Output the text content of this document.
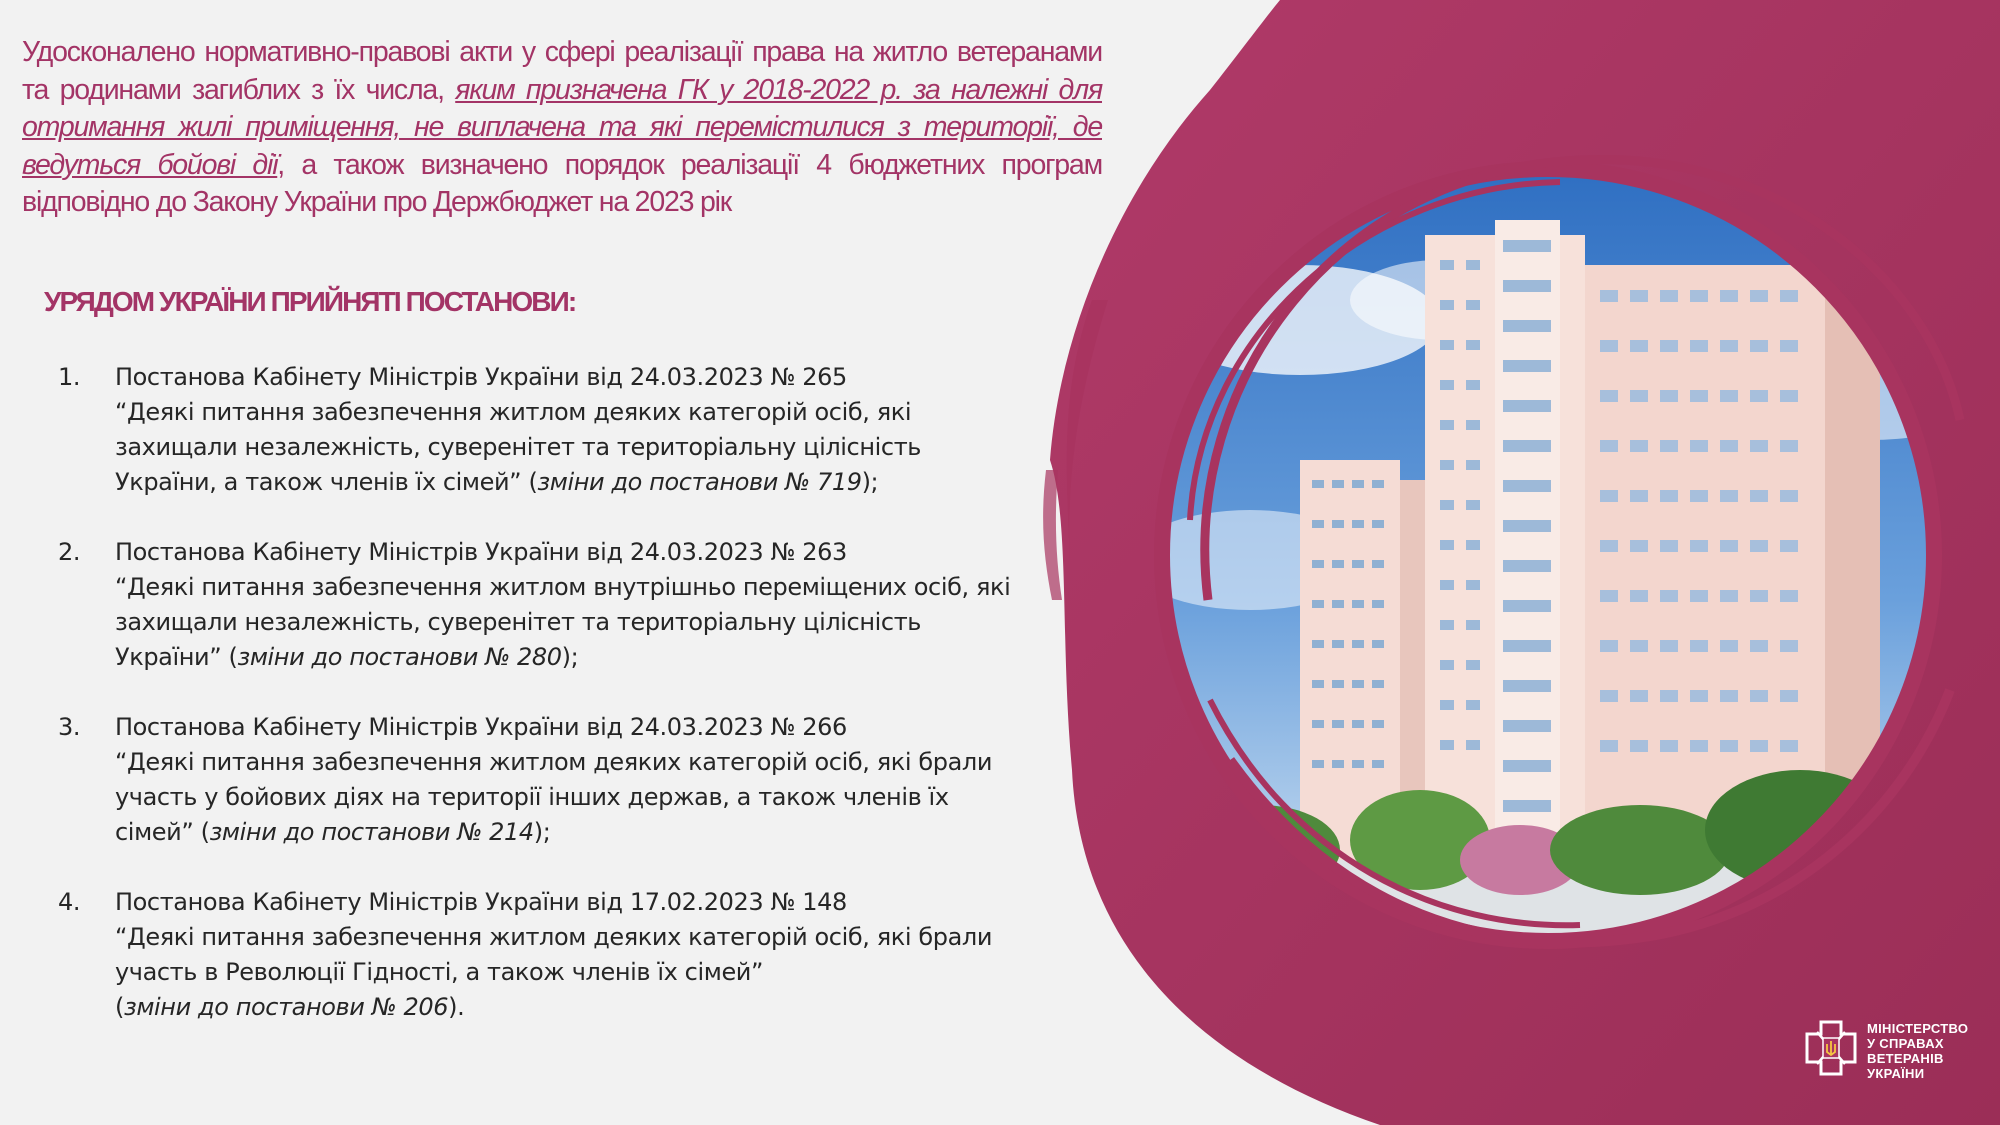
Удосконалено нормативно-правові акти у сфері реалізації права на житло ветеранами та родинами загиблих з їх числа, яким призначена ГК у 2018-2022 р. за належні для отримання жилі приміщення, не виплачена та які перемістилися з території, де ведуться бойові дії, а також визначено порядок реалізації 4 бюджетних програм відповідно до Закону України про Держбюджет на 2023 рік

УРЯДОМ УКРАЇНИ ПРИЙНЯТІ ПОСТАНОВИ:
1. Постанова Кабінету Міністрів України від 24.03.2023 № 265

“Деякі питання забезпечення житлом деяких категорій осіб, які захищали незалежність, суверенітет та територіальну цілісність України, а також членів їх сімей” (зміни до постанови № 719);

2. Постанова Кабінету Міністрів України від 24.03.2023 № 263

“Деякі питання забезпечення житлом внутрішньо переміщених осіб, які захищали незалежність, суверенітет та територіальну цілісність України” (зміни до постанови № 280);

3. Постанова Кабінету Міністрів України від 24.03.2023 № 266

“Деякі питання забезпечення житлом деяких категорій осіб, які брали участь у бойових діях на території інших держав, а також членів їх сімей” (зміни до постанови № 214);

4. Постанова Кабінету Міністрів України від 17.02.2023 № 148

“Деякі питання забезпечення житлом деяких категорій осіб, які брали участь в Революції Гідності, а також членів їх сімей”

(зміни до постанови № 206).

МІНІСТЕРСТВО
У СПРАВАХ
ВЕТЕРАНІВ
УКРАЇНИ
